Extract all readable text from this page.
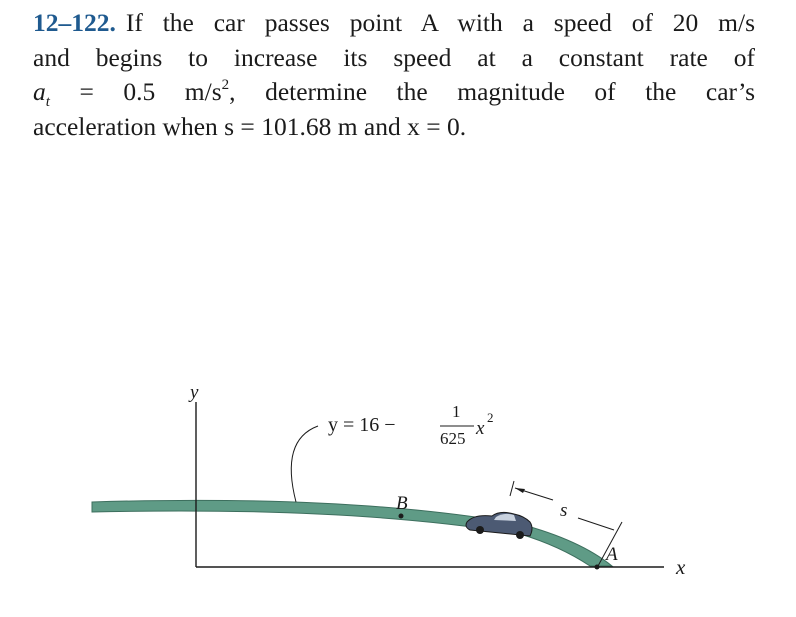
12–122. If the car passes point A with a speed of 20 m/s
and begins to increase its speed at a constant rate of
$a_t = 0.5$ $m/s^2$, determine the magnitude of the car’s
acceleration when s = 101.68 m and x = 0.
y
x
y = 16 −
1
625 x
2
B	s
A
